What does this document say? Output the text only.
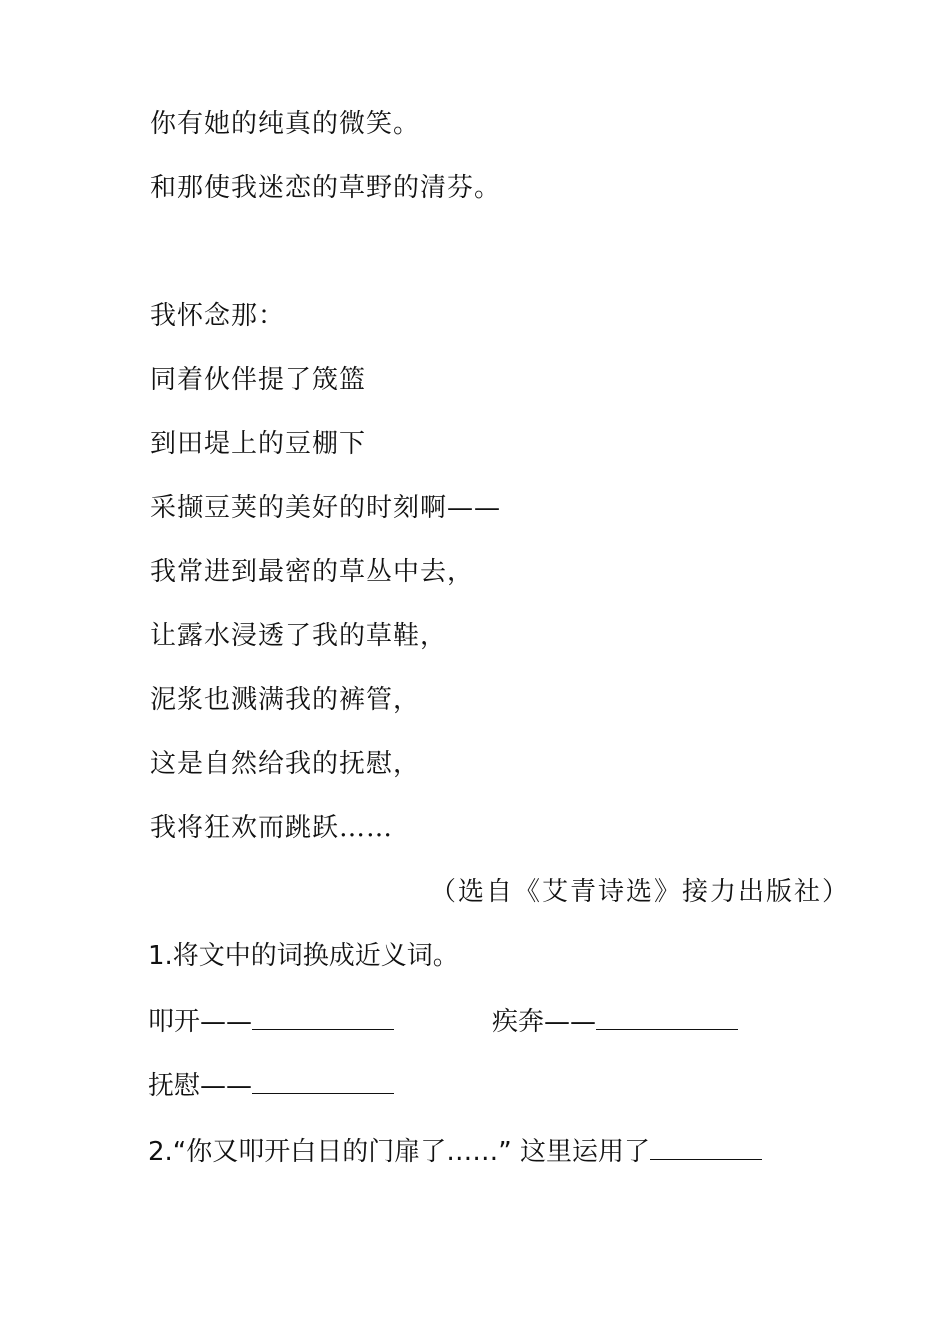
你有她的纯真的微笑。
和那使我迷恋的草野的清芬。
我怀念那：
同着伙伴提了筬篮
到田堤上的豆棚下
采撷豆荚的美好的时刻啊——
我常进到最密的草丛中去，
让露水浸透了我的草鞋，
泥浆也溅满我的裤管，
这是自然给我的抚慰，
我将狂欢而跳跃……
（选自《艾青诗选》接力出版社）
1.将文中的词换成近义词。
叩开——	疾奔——
抚慰——
2.“你又叩开白日的门扉了……” 这里运用了
